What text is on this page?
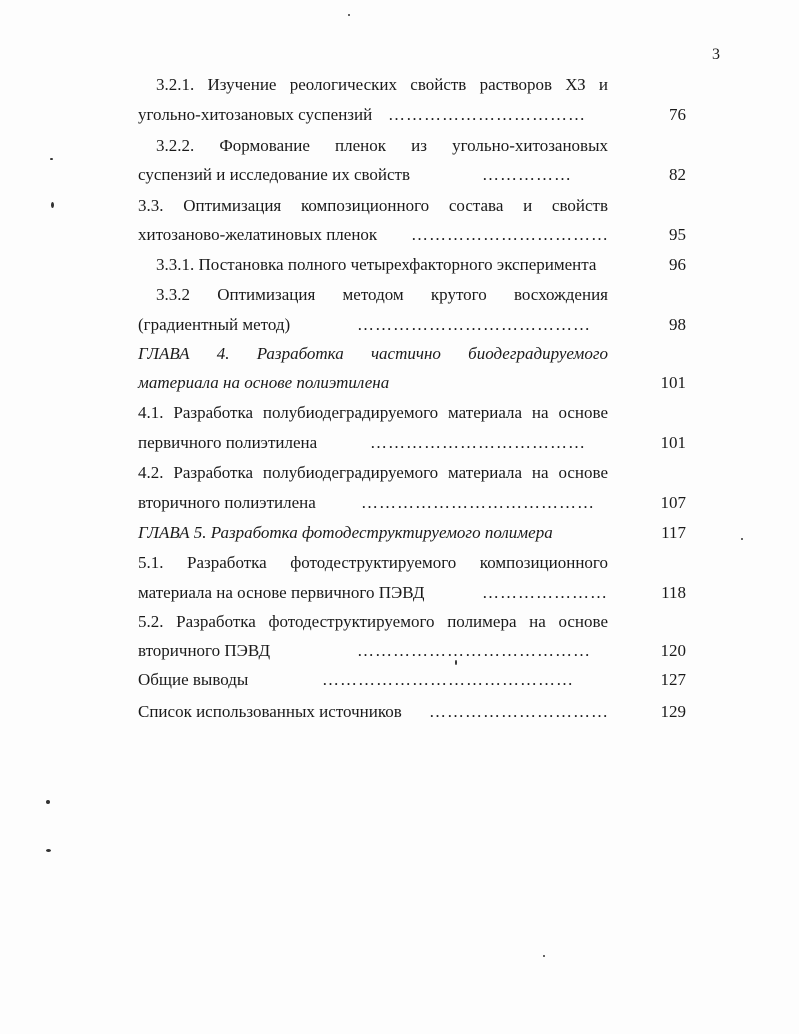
3
3.2.1. Изучение реологических свойств растворов ХЗ и
угольно-хитозановых суспензий ……………………………	76
3.2.2. Формование пленок из угольно-хитозановых
суспензий и исследование их свойств	……………	82
3.3. Оптимизация композиционного состава и свойств
хитозаново-желатиновых пленок ……………………………	95
3.3.1. Постановка полного четырехфакторного эксперимента	96
3.3.2 Оптимизация методом крутого восхождения
(градиентный метод)	…………………………………	98
ГЛАВА 4. Разработка частично биодеградируемого
материала на основе полиэтилена	101
4.1. Разработка полубиодеградируемого материала на основе
первичного полиэтилена	………………………………	101
4.2. Разработка полубиодеградируемого материала на основе
вторичного полиэтилена	…………………………………	107
ГЛАВА 5. Разработка фотодеструктируемого полимера	117
5.1. Разработка фотодеструктируемого композиционного
материала на основе первичного ПЭВД	…………………	118
5.2. Разработка фотодеструктируемого полимера на основе
вторичного ПЭВД	…………………………………	120
Общие выводы	……………………………………	127
Список использованных источников …………………………	129
